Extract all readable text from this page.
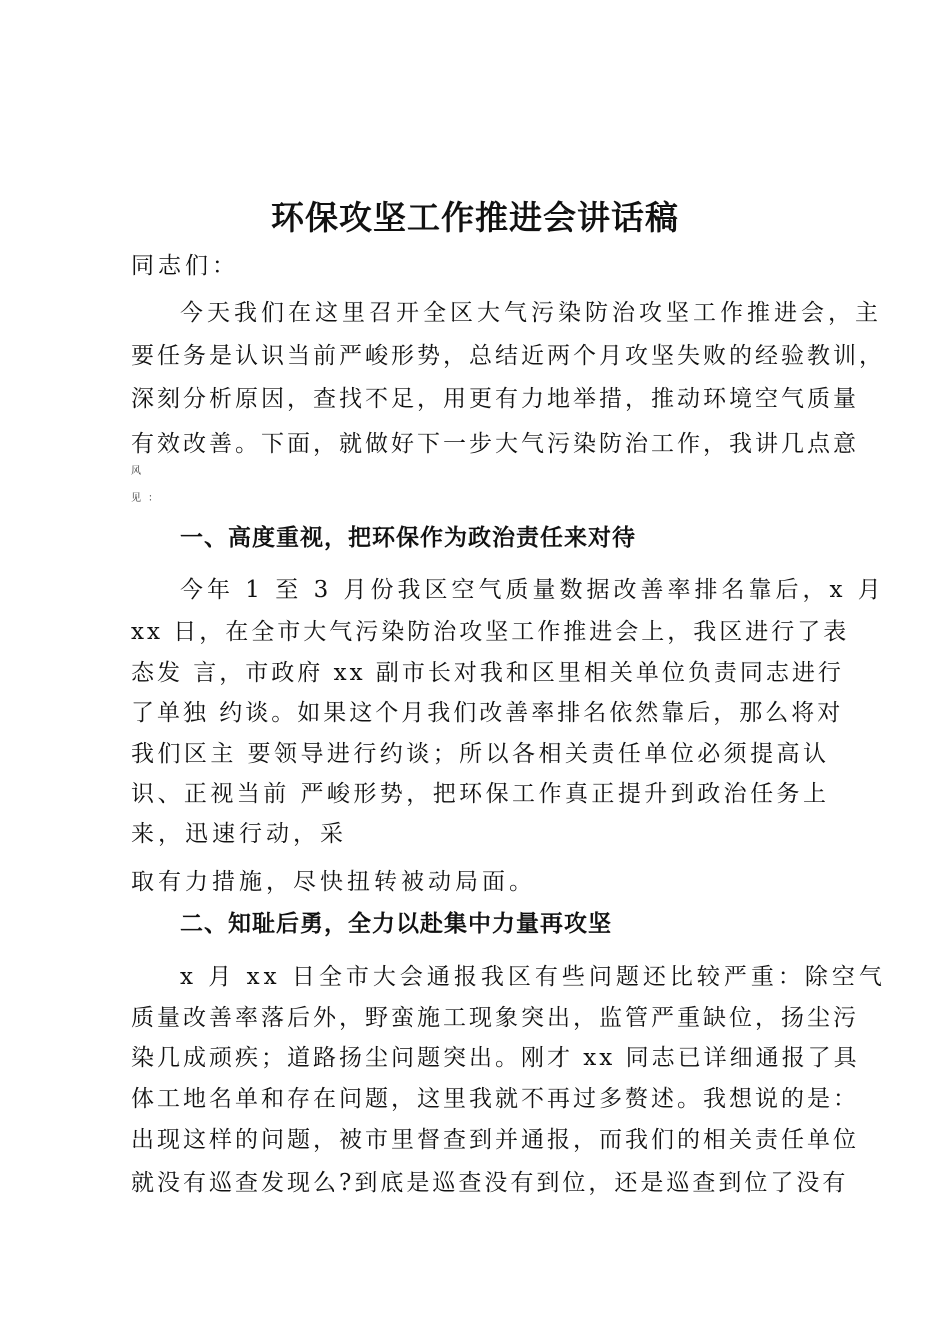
环保攻坚工作推进会讲话稿
同志们：
今天我们在这里召开全区大气污染防治攻坚工作推进会，主
要任务是认识当前严峻形势，总结近两个月攻坚失败的经验教训，
深刻分析原因，查找不足，用更有力地举措，推动环境空气质量
有效改善。下面，就做好下一步大气污染防治工作，我讲几点意
风
见 ：
一、高度重视，把环保作为政治责任来对待
今年 1 至 3 月份我区空气质量数据改善率排名靠后，x 月
xx 日，在全市大气污染防治攻坚工作推进会上，我区进行了表
态发 言，市政府 xx 副市长对我和区里相关单位负责同志进行
了单独 约谈。如果这个月我们改善率排名依然靠后，那么将对
我们区主 要领导进行约谈；所以各相关责任单位必须提高认
识、正视当前 严峻形势，把环保工作真正提升到政治任务上
来，迅速行动，采
取有力措施，尽快扭转被动局面。
二、知耻后勇，全力以赴集中力量再攻坚
x 月 xx 日全市大会通报我区有些问题还比较严重：除空气
质量改善率落后外，野蛮施工现象突出，监管严重缺位，扬尘污
染几成顽疾；道路扬尘问题突出。刚才 xx 同志已详细通报了具
体工地名单和存在问题，这里我就不再过多赘述。我想说的是：
出现这样的问题，被市里督查到并通报，而我们的相关责任单位
就没有巡查发现么?到底是巡查没有到位，还是巡查到位了没有
